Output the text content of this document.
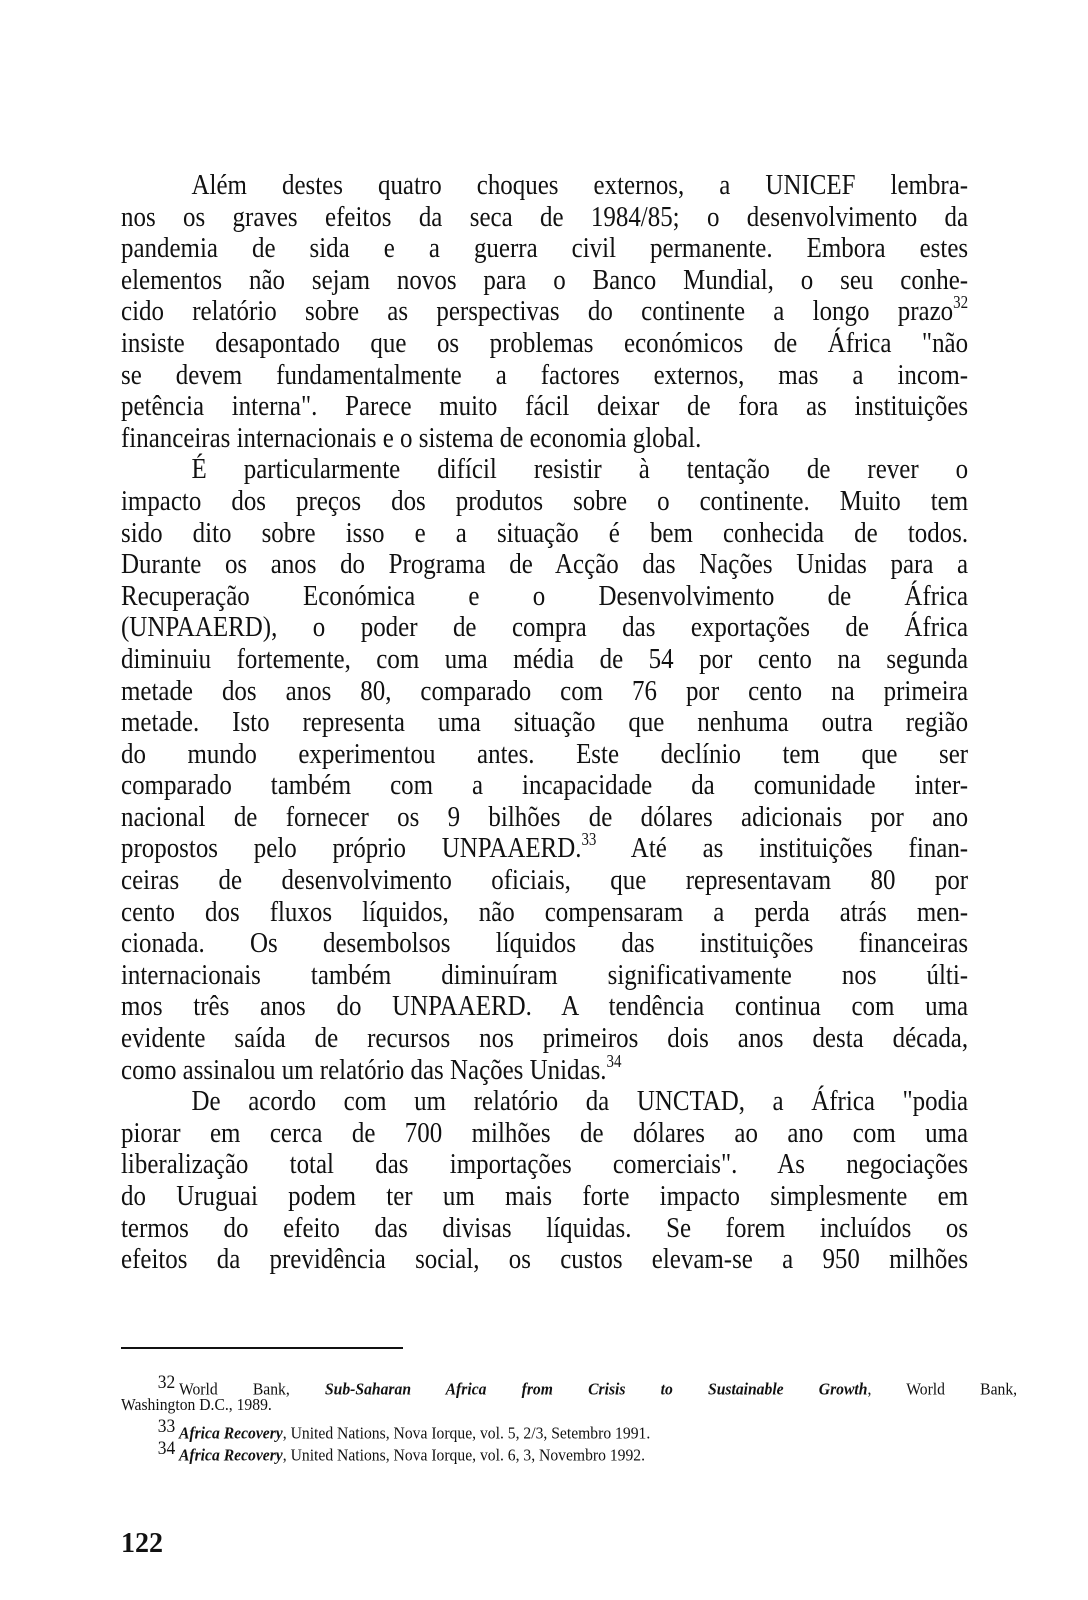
Além destes quatro choques externos, a UNICEF lembra-
nos os graves efeitos da seca de 1984/85; o desenvolvimento da
pandemia de sida e a guerra civil permanente. Embora estes
elementos não sejam novos para o Banco Mundial, o seu conhe-
cido relatório sobre as perspectivas do continente a longo prazo$^{32}$
insiste desapontado que os problemas económicos de África "não
se devem fundamentalmente a factores externos, mas a incom-
petência interna". Parece muito fácil deixar de fora as instituições
financeiras internacionais e o sistema de economia global.
É particularmente difícil resistir à tentação de rever o
impacto dos preços dos produtos sobre o continente. Muito tem
sido dito sobre isso e a situação é bem conhecida de todos.
Durante os anos do Programa de Acção das Nações Unidas para a
Recuperação Económica e o Desenvolvimento de África
(UNPAAERD), o poder de compra das exportações de África
diminuiu fortemente, com uma média de 54 por cento na segunda
metade dos anos 80, comparado com 76 por cento na primeira
metade. Isto representa uma situação que nenhuma outra região
do mundo experimentou antes. Este declínio tem que ser
comparado também com a incapacidade da comunidade inter-
nacional de fornecer os 9 bilhões de dólares adicionais por ano
propostos pelo próprio UNPAAERD.$^{33}$ Até as instituições finan-
ceiras de desenvolvimento oficiais, que representavam 80 por
cento dos fluxos líquidos, não compensaram a perda atrás men-
cionada. Os desembolsos líquidos das instituições financeiras
internacionais também diminuíram significativamente nos últi-
mos três anos do UNPAAERD. A tendência continua com uma
evidente saída de recursos nos primeiros dois anos desta década,
como assinalou um relatório das Nações Unidas.$^{34}$
De acordo com um relatório da UNCTAD, a África "podia
piorar em cerca de 700 milhões de dólares ao ano com uma
liberalização total das importações comerciais". As negociações
do Uruguai podem ter um mais forte impacto simplesmente em
termos do efeito das divisas líquidas. Se forem incluídos os
efeitos da previdência social, os custos elevam-se a 950 milhões
32 World Bank, Sub-Saharan Africa from Crisis to Sustainable Growth, World Bank,
Washington D.C., 1989.
33 Africa Recovery, United Nations, Nova Iorque, vol. 5, 2/3, Setembro 1991.
34 Africa Recovery, United Nations, Nova Iorque, vol. 6, 3, Novembro 1992.
122
